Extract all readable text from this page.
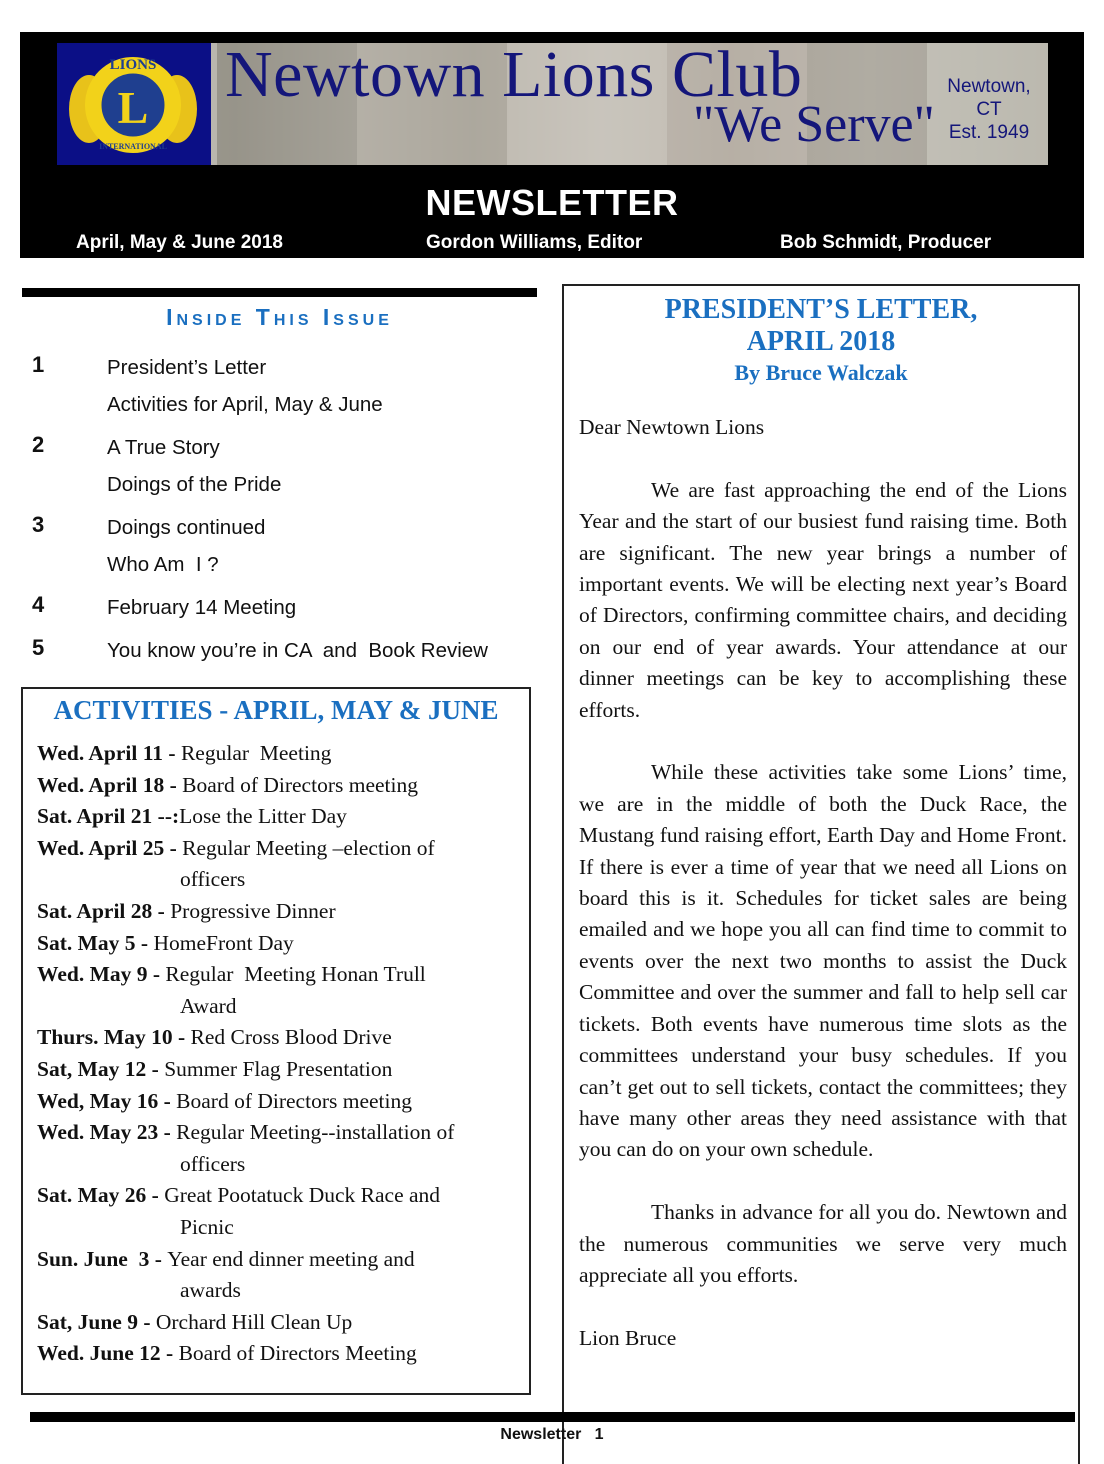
LIONS
L
INTERNATIONAL
Newtown Lions Club
"We Serve"
Newtown,
CT
Est. 1949
NEWSLETTER
April, May & June 2018	Gordon Williams, Editor	Bob Schmidt, Producer
Inside This Issue
1	President’s Letter
Activities for April, May & June
2	A True Story
Doings of the Pride
3	Doings continued
Who Am  I ?
4	February 14 Meeting
5	You know you’re in CA  and  Book Review
ACTIVITIES - APRIL, MAY & JUNE
Wed. April 11 - Regular  Meeting
Wed. April 18 - Board of Directors meeting
Sat. April 21 --:Lose the Litter Day
Wed. April 25 - Regular Meeting –election of
officers
Sat. April 28 - Progressive Dinner
Sat. May 5 - HomeFront Day
Wed. May 9 - Regular  Meeting Honan Trull
Award
Thurs. May 10 - Red Cross Blood Drive
Sat, May 12 - Summer Flag Presentation
Wed, May 16 - Board of Directors meeting
Wed. May 23 - Regular Meeting--installation of
officers
Sat. May 26 - Great Pootatuck Duck Race and
Picnic
Sun. June  3 - Year end dinner meeting and
awards
Sat, June 9 - Orchard Hill Clean Up
Wed. June 12 - Board of Directors Meeting
PRESIDENT’S LETTER,
APRIL 2018
By Bruce Walczak

Dear Newtown Lions

We are fast approaching the end of the Lions Year and the start of our busiest fund raising time. Both are significant. The new year brings a number of important events. We will be electing next year’s Board of Directors, confirming committee chairs, and deciding on our end of year awards. Your attendance at our dinner meetings can be key to accomplishing these efforts.

While these activities take some Lions’ time, we are in the middle of both the Duck Race, the Mustang fund raising effort, Earth Day and Home Front. If there is ever a time of year that we need all Lions on board this is it. Schedules for ticket sales are being emailed and we hope you all can find time to commit to events over the next two months to assist the Duck Committee and over the summer and fall to help sell car tickets. Both events have numerous time slots as the committees understand your busy schedules. If you can’t get out to sell tickets, contact the committees; they have many other areas they need assistance with that you can do on your own schedule.

Thanks in advance for all you do. Newtown and the numerous communities we serve very much appreciate all you efforts.

Lion Bruce

Newsletter 1
